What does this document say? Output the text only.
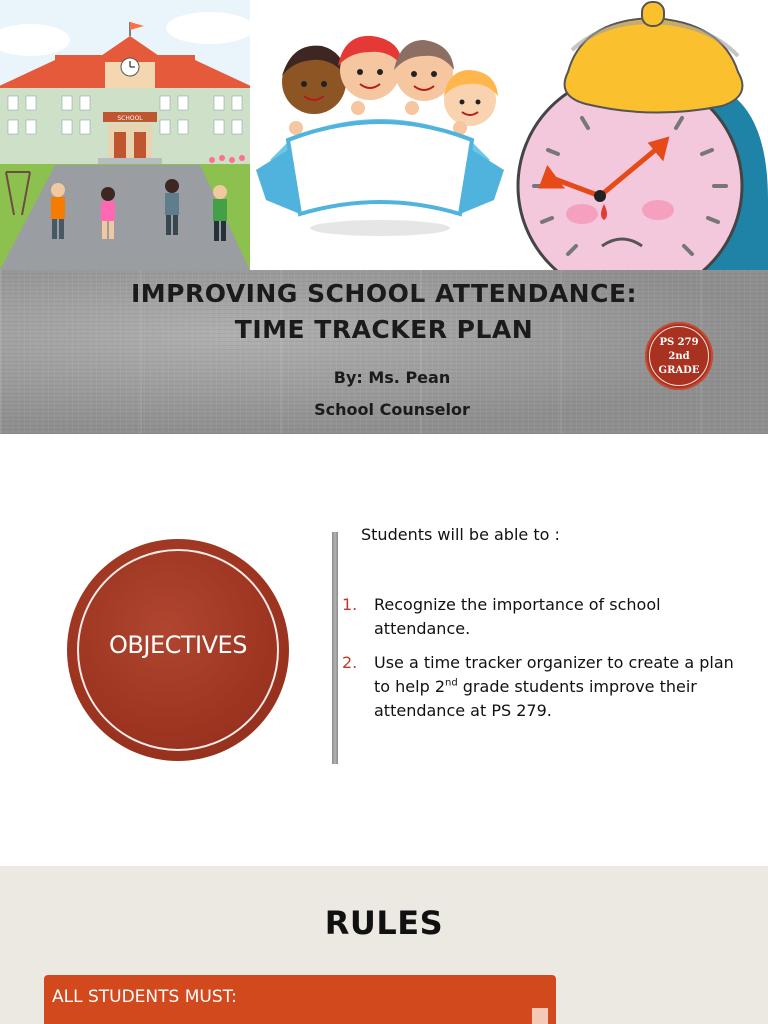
SCHOOL
IMPROVING SCHOOL ATTENDANCE:
TIME TRACKER PLAN
By: Ms. Pean
School Counselor
PS 279
2nd
GRADE
OBJECTIVES
Students will be able to :
1.	Recognize the importance of school attendance.
2.	Use a time tracker organizer to create a plan to help 2nd grade students improve their attendance at PS 279.
RULES
ALL STUDENTS MUST:
